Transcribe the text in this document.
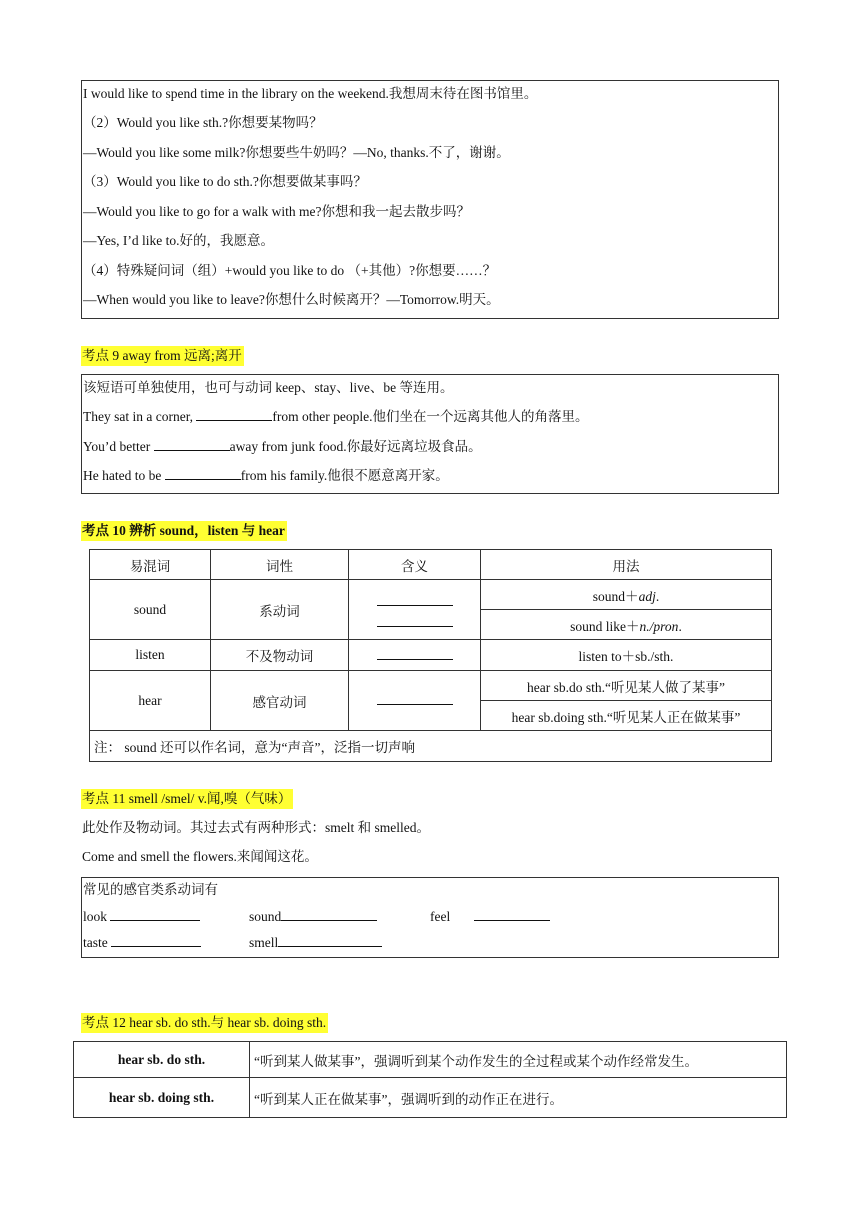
I would like to spend time in the library on the weekend.我想周末待在图书馆里。
（2）Would you like sth.?你想要某物吗？
—Would you like some milk?你想要些牛奶吗？—No, thanks.不了，谢谢。
（3）Would you like to do sth.?你想要做某事吗？
—Would you like to go for a walk with me?你想和我一起去散步吗？
—Yes, I’d like to.好的，我愿意。
（4）特殊疑问词（组）+would you like to do （+其他）?你想要……？
—When would you like to leave?你想什么时候离开？—Tomorrow.明天。
考点 9 away from 远离;离开
该短语可单独使用，也可与动词 keep、stay、live、be 等连用。
They sat in a corner,	from other people.他们坐在一个远离其他人的角落里。
You’d better	away from junk food.你最好远离垃圾食品。
He hated to be	from his family.他很不愿意离开家。
考点 10 辨析 sound，listen 与 hear
易混词	词性	含义	用法
sound	系动词		sound＋adj.
			sound like＋n./pron.
listen	不及物动词		listen to＋sb./sth.
hear	感官动词		hear sb.do sth.“听见某人做了某事”
			hear sb.doing sth.“听见某人正在做某事”
注： sound 还可以作名词，意为“声音”，泛指一切声响			
考点 11 smell /smel/ v.闻,嗅（气味）
此处作及物动词。其过去式有两种形式：smelt 和 smelled。
Come and smell the flowers.来闻闻这花。
常见的感官类系动词有
look	sound	feel
taste	smell
考点 12 hear sb. do sth.与 hear sb. doing sth.
hear sb. do sth.	“听到某人做某事”，强调听到某个动作发生的全过程或某个动作经常发生。
hear sb. doing sth.	“听到某人正在做某事”，强调听到的动作正在进行。
